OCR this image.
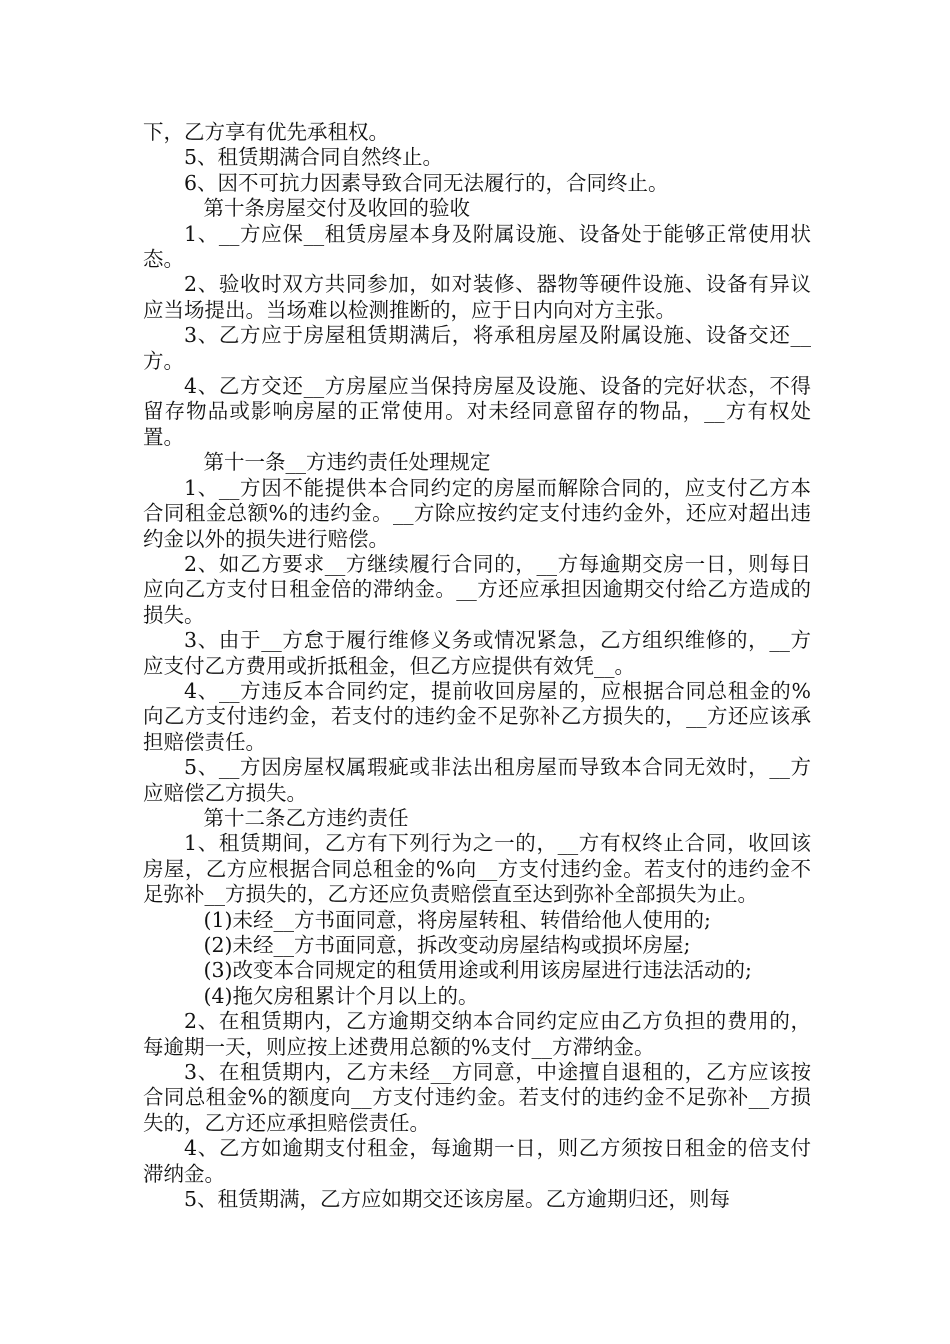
下，乙方享有优先承租权。

5、租赁期满合同自然终止。

6、因不可抗力因素导致合同无法履行的，合同终止。

第十条房屋交付及收回的验收

1、__方应保__租赁房屋本身及附属设施、设备处于能够正常使用状态。

2、验收时双方共同参加，如对装修、器物等硬件设施、设备有异议应当场提出。当场难以检测推断的，应于日内向对方主张。

3、乙方应于房屋租赁期满后，将承租房屋及附属设施、设备交还__方。

4、乙方交还__方房屋应当保持房屋及设施、设备的完好状态，不得留存物品或影响房屋的正常使用。对未经同意留存的物品，__方有权处置。

第十一条__方违约责任处理规定

1、__方因不能提供本合同约定的房屋而解除合同的，应支付乙方本合同租金总额%的违约金。__方除应按约定支付违约金外，还应对超出违约金以外的损失进行赔偿。

2、如乙方要求__方继续履行合同的，__方每逾期交房一日，则每日应向乙方支付日租金倍的滞纳金。__方还应承担因逾期交付给乙方造成的损失。

3、由于__方怠于履行维修义务或情况紧急，乙方组织维修的，__方应支付乙方费用或折抵租金，但乙方应提供有效凭__。

4、__方违反本合同约定，提前收回房屋的，应根据合同总租金的%向乙方支付违约金，若支付的违约金不足弥补乙方损失的，__方还应该承担赔偿责任。

5、__方因房屋权属瑕疵或非法出租房屋而导致本合同无效时，__方应赔偿乙方损失。

第十二条乙方违约责任

1、租赁期间，乙方有下列行为之一的，__方有权终止合同，收回该房屋，乙方应根据合同总租金的%向__方支付违约金。若支付的违约金不足弥补__方损失的，乙方还应负责赔偿直至达到弥补全部损失为止。

(1)未经__方书面同意，将房屋转租、转借给他人使用的;

(2)未经__方书面同意，拆改变动房屋结构或损坏房屋;

(3)改变本合同规定的租赁用途或利用该房屋进行违法活动的;

(4)拖欠房租累计个月以上的。

2、在租赁期内，乙方逾期交纳本合同约定应由乙方负担的费用的，每逾期一天，则应按上述费用总额的%支付__方滞纳金。

3、在租赁期内，乙方未经__方同意，中途擅自退租的，乙方应该按合同总租金%的额度向__方支付违约金。若支付的违约金不足弥补__方损失的，乙方还应承担赔偿责任。

4、乙方如逾期支付租金，每逾期一日，则乙方须按日租金的倍支付滞纳金。

5、租赁期满，乙方应如期交还该房屋。乙方逾期归还，则每
